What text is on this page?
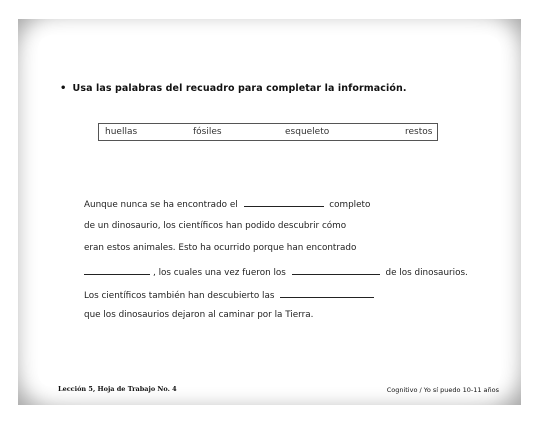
• Usa las palabras del recuadro para completar la información.
huellas	fósiles	esqueleto	restos
Aunque nunca se ha encontrado el	completo
de un dinosaurio, los científicos han podido descubrir cómo
eran estos animales. Esto ha ocurrido porque han encontrado
, los cuales una vez fueron los	de los dinosaurios.
Los científicos también han descubierto las
que los dinosaurios dejaron al caminar por la Tierra.
Lección 5, Hoja de Trabajo No. 4	Cognitivo / Yo sí puedo 10-11 años
